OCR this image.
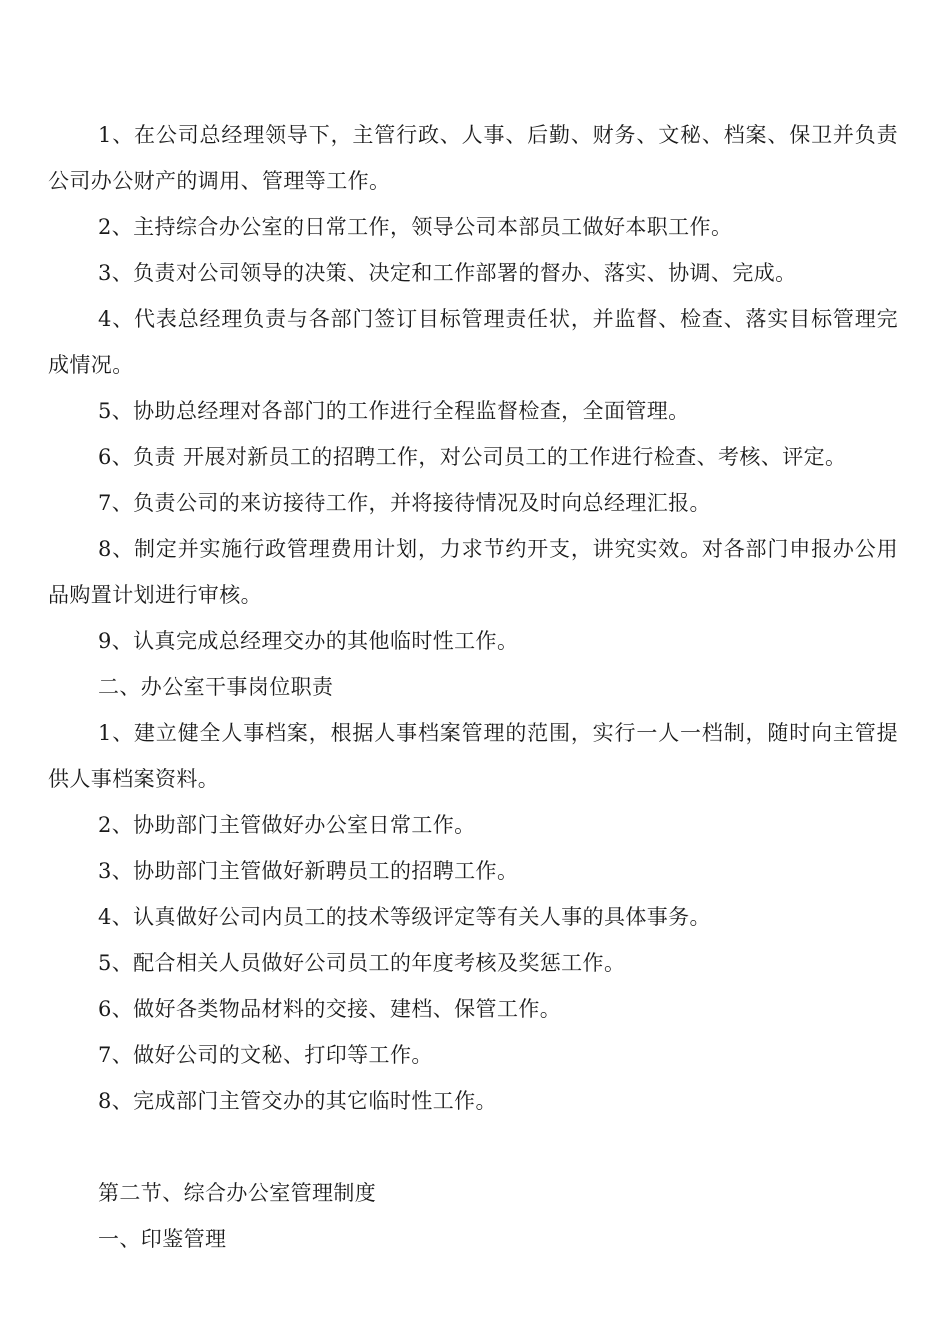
1、在公司总经理领导下，主管行政、人事、后勤、财务、文秘、档案、保卫并负责公司办公财产的调用、管理等工作。

2、主持综合办公室的日常工作，领导公司本部员工做好本职工作。

3、负责对公司领导的决策、决定和工作部署的督办、落实、协调、完成。

4、代表总经理负责与各部门签订目标管理责任状，并监督、检查、落实目标管理完成情况。

5、协助总经理对各部门的工作进行全程监督检查，全面管理。

6、负责 开展对新员工的招聘工作，对公司员工的工作进行检查、考核、评定。

7、负责公司的来访接待工作，并将接待情况及时向总经理汇报。

8、制定并实施行政管理费用计划，力求节约开支，讲究实效。对各部门申报办公用品购置计划进行审核。

9、认真完成总经理交办的其他临时性工作。

二、办公室干事岗位职责

1、建立健全人事档案，根据人事档案管理的范围，实行一人一档制，随时向主管提供人事档案资料。

2、协助部门主管做好办公室日常工作。

3、协助部门主管做好新聘员工的招聘工作。

4、认真做好公司内员工的技术等级评定等有关人事的具体事务。

5、配合相关人员做好公司员工的年度考核及奖惩工作。

6、做好各类物品材料的交接、建档、保管工作。

7、做好公司的文秘、打印等工作。

8、完成部门主管交办的其它临时性工作。

第二节、综合办公室管理制度

一、印鉴管理
